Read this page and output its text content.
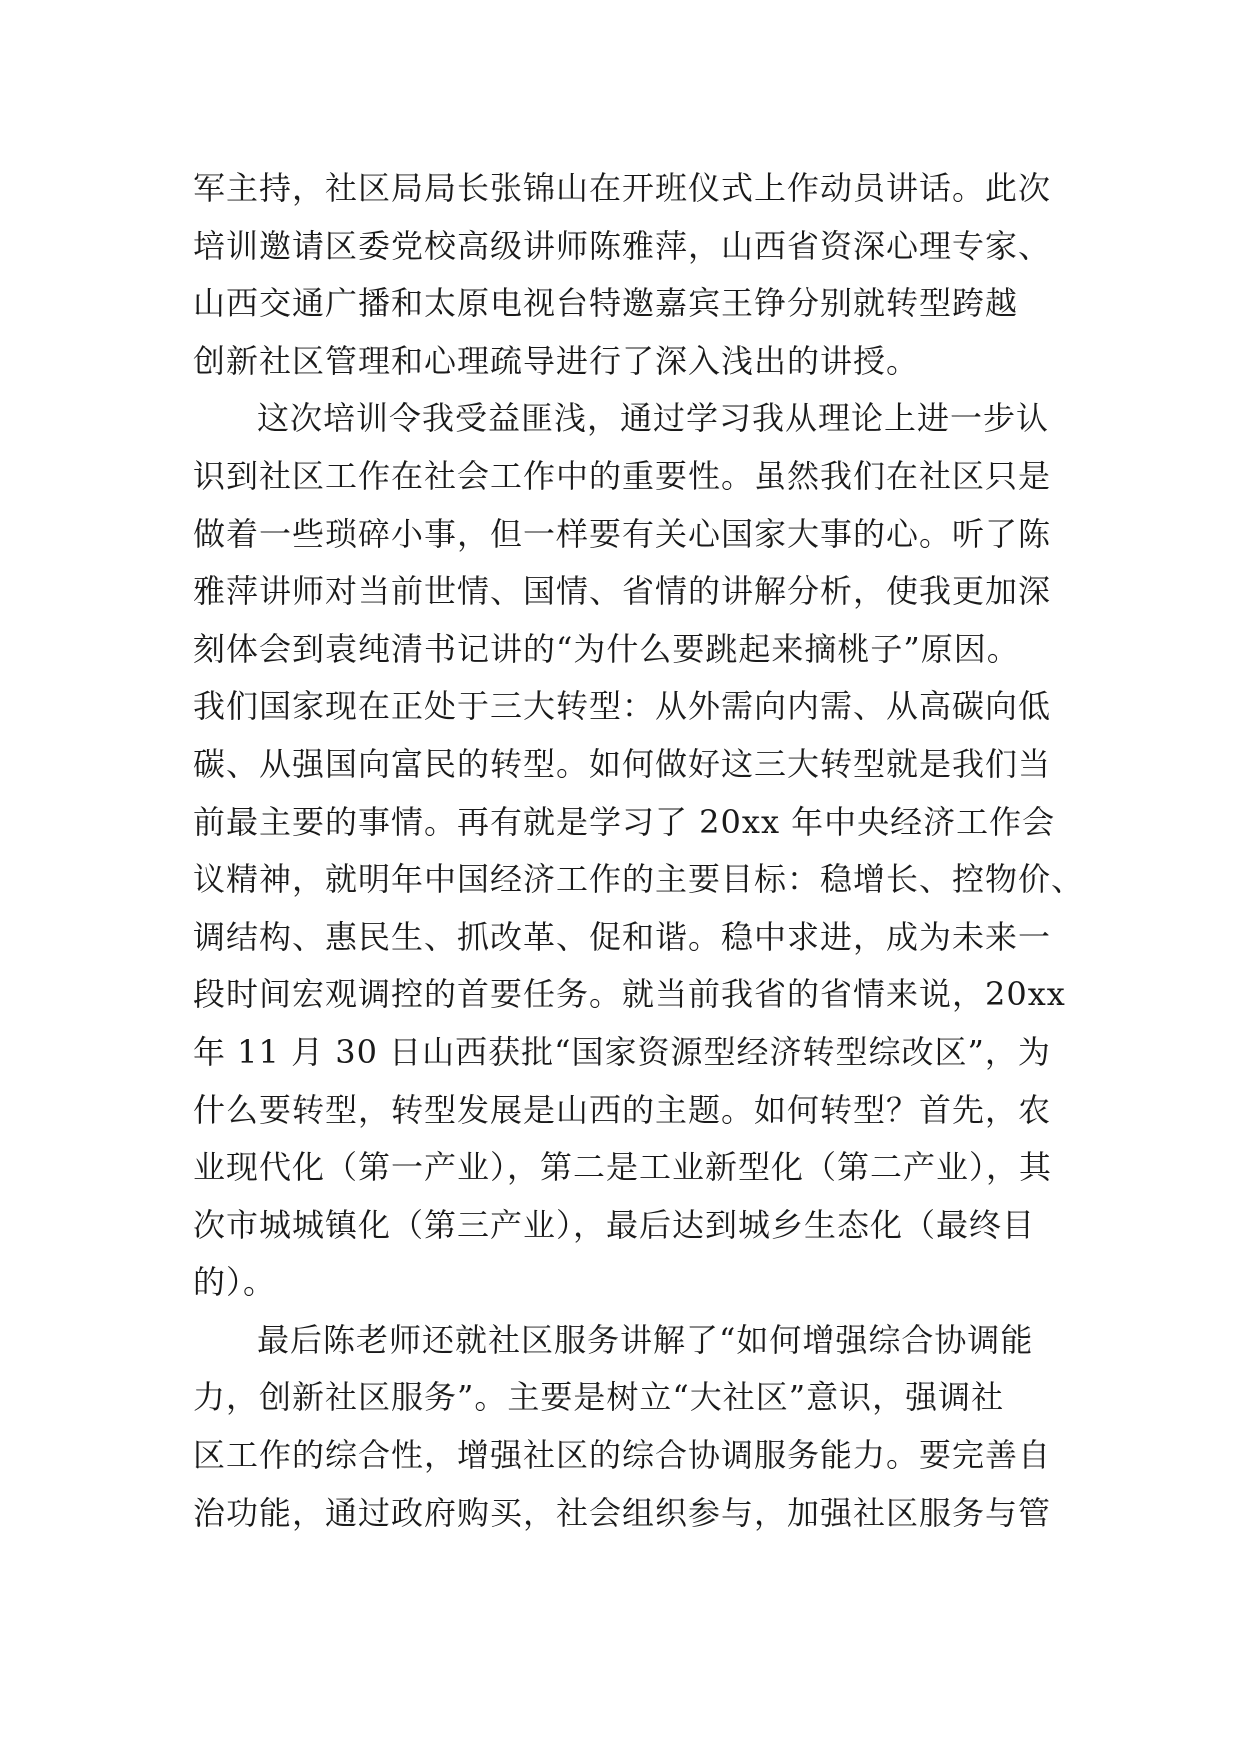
军主持，社区局局长张锦山在开班仪式上作动员讲话。此次
培训邀请区委党校高级讲师陈雅萍，山西省资深心理专家、
山西交通广播和太原电视台特邀嘉宾王铮分别就转型跨越
创新社区管理和心理疏导进行了深入浅出的讲授。
这次培训令我受益匪浅，通过学习我从理论上进一步认
识到社区工作在社会工作中的重要性。虽然我们在社区只是
做着一些琐碎小事，但一样要有关心国家大事的心。听了陈
雅萍讲师对当前世情、国情、省情的讲解分析，使我更加深
刻体会到袁纯清书记讲的“为什么要跳起来摘桃子”原因。
我们国家现在正处于三大转型：从外需向内需、从高碳向低
碳、从强国向富民的转型。如何做好这三大转型就是我们当
前最主要的事情。再有就是学习了 20xx 年中央经济工作会
议精神，就明年中国经济工作的主要目标：稳增长、控物价、
调结构、惠民生、抓改革、促和谐。稳中求进，成为未来一
段时间宏观调控的首要任务。就当前我省的省情来说，20xx
年 11 月 30 日山西获批“国家资源型经济转型综改区”，为
什么要转型，转型发展是山西的主题。如何转型？首先，农
业现代化（第一产业），第二是工业新型化（第二产业），其
次市城城镇化（第三产业），最后达到城乡生态化（最终目
的）。
最后陈老师还就社区服务讲解了“如何增强综合协调能
力，创新社区服务”。主要是树立“大社区”意识，强调社
区工作的综合性，增强社区的综合协调服务能力。要完善自
治功能，通过政府购买，社会组织参与，加强社区服务与管
